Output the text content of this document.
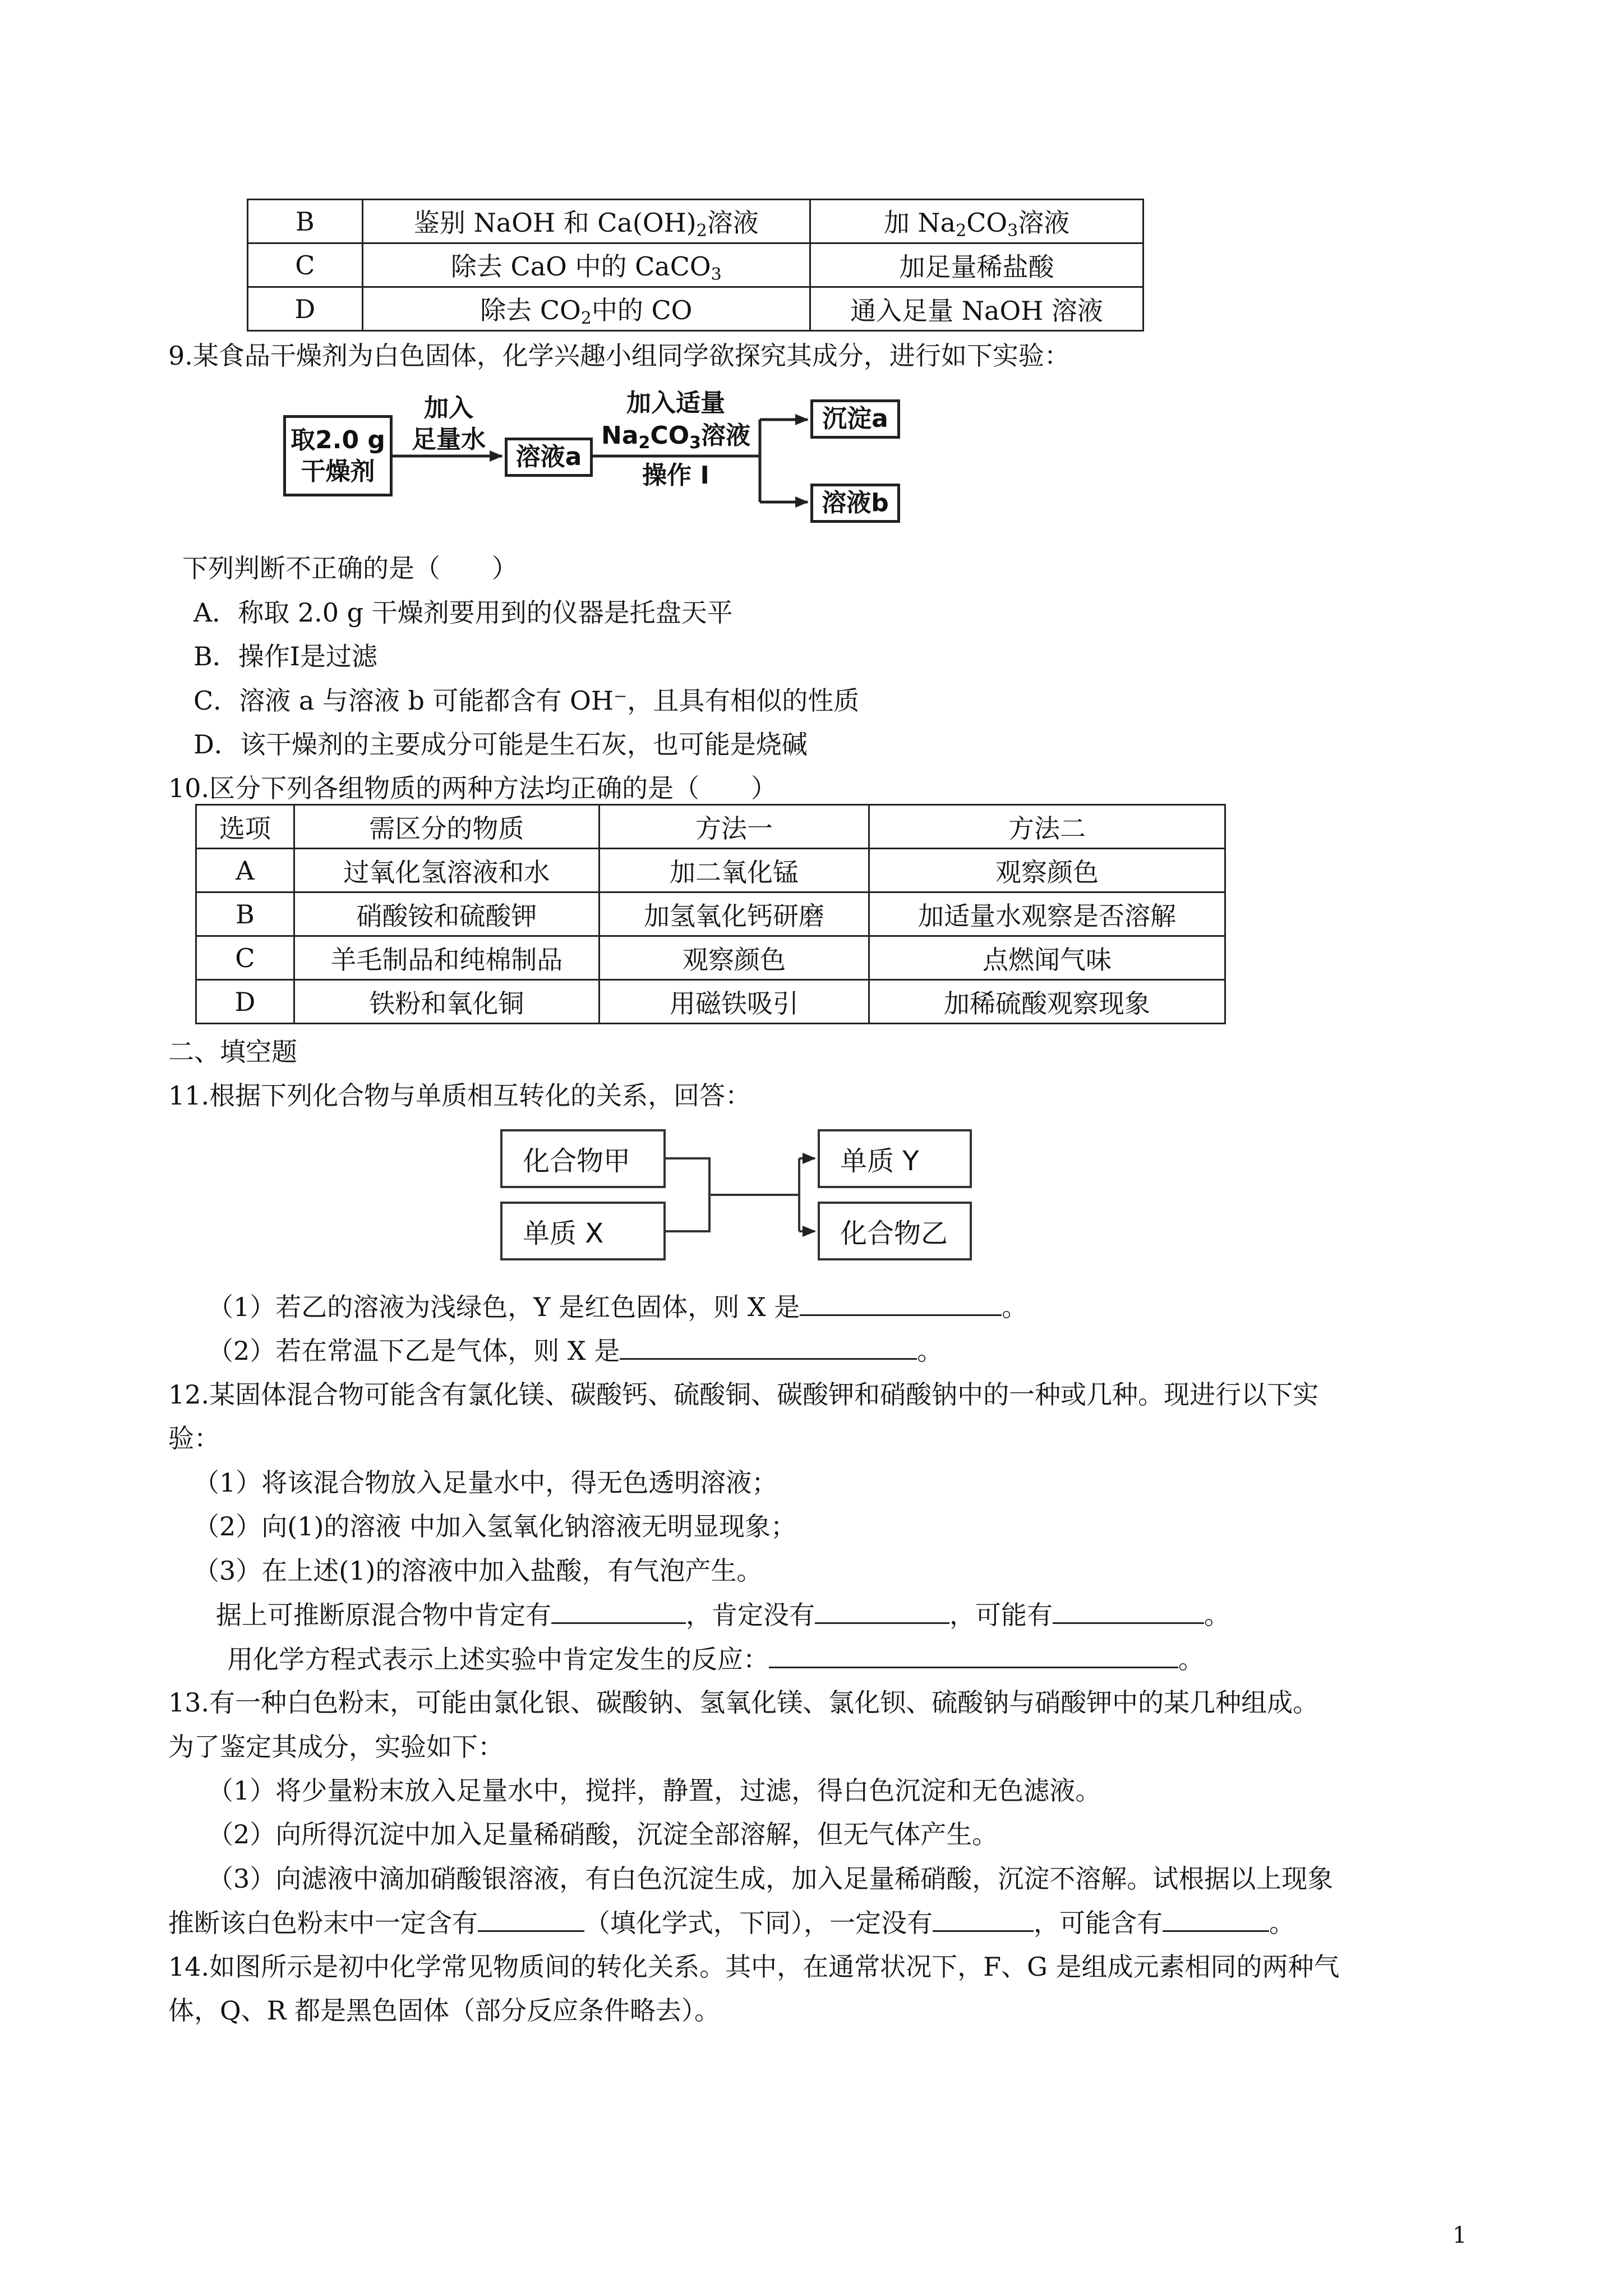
B	鉴别 NaOH 和 $Ca(OH)_2$溶液	加 $Na_2CO_3$溶液
C	除去 CaO 中的 CaCO$_3$	加足量稀盐酸
D	除去 $CO_2$中的 CO	通入足量 NaOH 溶液
9.某食品干燥剂为白色固体，化学兴趣小组同学欲探究其成分，进行如下实验：
取2.0 g
干燥剂
加入
足量水
溶液a
加入适量
$Na_2CO_3$溶液
操作 I
沉淀a
溶液b
下列判断不正确的是（　　）
A．称取 2.0 g 干燥剂要用到的仪器是托盘天平
B．操作Ⅰ是过滤
C．溶液 a 与溶液 b 可能都含有 OH⁻，且具有相似的性质
D．该干燥剂的主要成分可能是生石灰，也可能是烧碱
10.区分下列各组物质的两种方法均正确的是（　　）
选项	需区分的物质	方法一	方法二
A	过氧化氢溶液和水	加二氧化锰	观察颜色
B	硝酸铵和硫酸钾	加氢氧化钙研磨	加适量水观察是否溶解
C	羊毛制品和纯棉制品	观察颜色	点燃闻气味
D	铁粉和氧化铜	用磁铁吸引	加稀硫酸观察现象
二、填空题
11.根据下列化合物与单质相互转化的关系，回答：
化合物甲
单质 X
单质 Y
化合物乙
（1）若乙的溶液为浅绿色，Y 是红色固体，则 X 是	。
（2）若在常温下乙是气体，则 X 是	。
12.某固体混合物可能含有氯化镁、碳酸钙、硫酸铜、碳酸钾和硝酸钠中的一种或几种。现进行以下实
验：
（1）将该混合物放入足量水中，得无色透明溶液；
（2）向(1)的溶液 中加入氢氧化钠溶液无明显现象；
（3）在上述(1)的溶液中加入盐酸，有气泡产生。
据上可推断原混合物中肯定有	，肯定没有	，可能有	。
用化学方程式表示上述实验中肯定发生的反应：	。
13.有一种白色粉末，可能由氯化银、碳酸钠、氢氧化镁、氯化钡、硫酸钠与硝酸钾中的某几种组成。
为了鉴定其成分，实验如下：
（1）将少量粉末放入足量水中，搅拌，静置，过滤，得白色沉淀和无色滤液。
（2）向所得沉淀中加入足量稀硝酸，沉淀全部溶解，但无气体产生。
（3）向滤液中滴加硝酸银溶液，有白色沉淀生成，加入足量稀硝酸，沉淀不溶解。试根据以上现象
推断该白色粉末中一定含有	（填化学式，下同），一定没有	，可能含有	。
14.如图所示是初中化学常见物质间的转化关系。其中，在通常状况下，F、G 是组成元素相同的两种气
体，Q、R 都是黑色固体（部分反应条件略去）。
1
